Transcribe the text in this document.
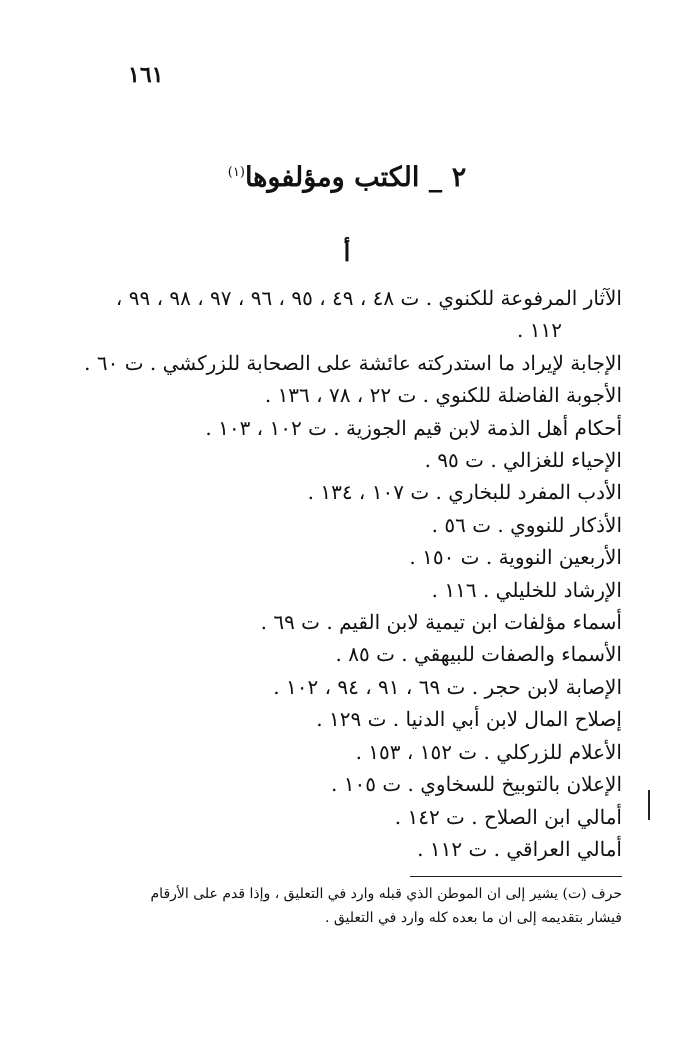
١٦١
٢ _ الكتب ومؤلفوها$^{(١)}$
أ
الآثار المرفوعة للكنوي . ت ٤٨ ، ٤٩ ، ٩٥ ، ٩٦ ، ٩٧ ، ٩٨ ، ٩٩ ،
١١٢ .
الإجابة لإيراد ما استدركته عائشة على الصحابة للزركشي . ت ٦٠ .
الأجوبة الفاضلة للكنوي . ت ٢٢ ، ٧٨ ، ١٣٦ .
أحكام أهل الذمة لابن قيم الجوزية . ت ١٠٢ ، ١٠٣ .
الإحياء للغزالي . ت ٩٥ .
الأدب المفرد للبخاري . ت ١٠٧ ، ١٣٤ .
الأذكار للنووي . ت ٥٦ .
الأربعين النووية . ت ١٥٠ .
الإرشاد للخليلي . ١١٦ .
أسماء مؤلفات ابن تيمية لابن القيم . ت ٦٩ .
الأسماء والصفات للبيهقي . ت ٨٥ .
الإصابة لابن حجر . ت ٦٩ ، ٩١ ، ٩٤ ، ١٠٢ .
إصلاح المال لابن أبي الدنيا . ت ١٢٩ .
الأعلام للزركلي . ت ١٥٢ ، ١٥٣ .
الإعلان بالتوبيخ للسخاوي . ت ١٠٥ .
أمالي ابن الصلاح . ت ١٤٢ .
أمالي العراقي . ت ١١٢ .

حرف (ت) يشير إلى ان الموطن الذي قبله وارد في التعليق ، وإذا قدم على الأرقام

فيشار بتقديمه إلى ان ما بعده كله وارد في التعليق .
